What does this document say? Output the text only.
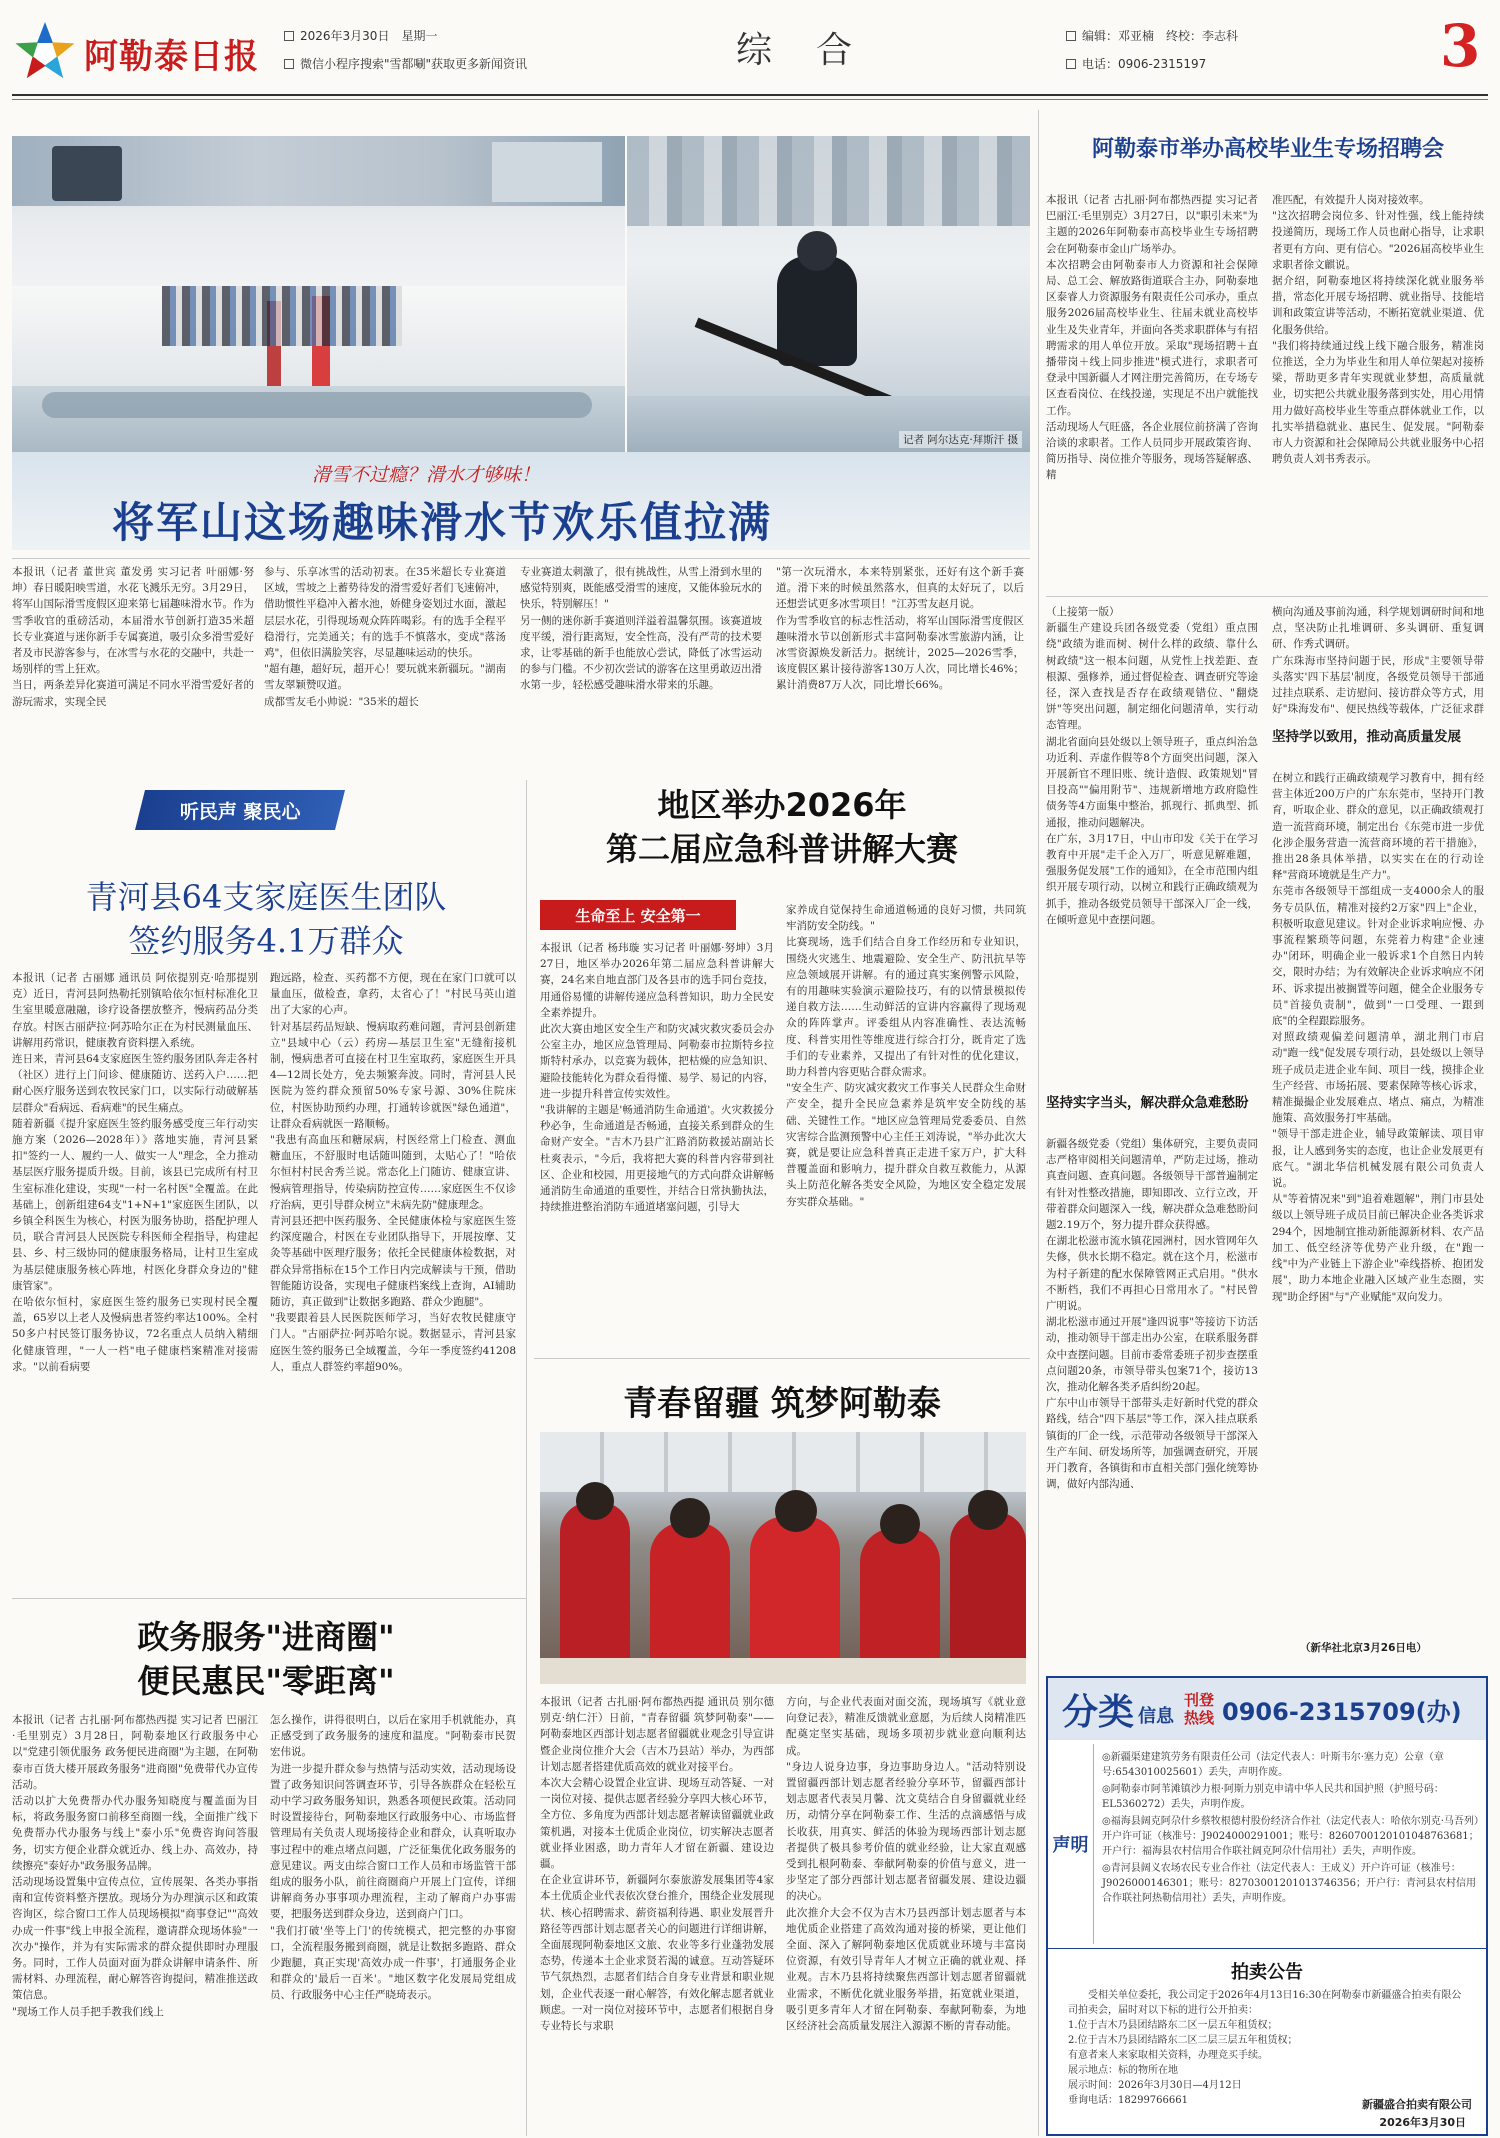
阿勒泰日报
2026年3月30日　星期一
微信小程序搜索"雪都唰"获取更多新闻资讯	综　合	编辑：邓亚楠　终校：李志科
电话：0906-2315197	3
记者 阿尔达克·拜斯汗 摄
滑雪不过瘾？滑水才够味！
将军山这场趣味滑水节欢乐值拉满
本报讯（记者 董世宾 董发勇 实习记者 叶丽娜·努坤）春日暖阳映雪道，水花飞溅乐无穷。3月29日，将军山国际滑雪度假区迎来第七届趣味滑水节。作为雪季收官的重磅活动，本届滑水节创新打造35米超长专业赛道与迷你新手专属赛道，吸引众多滑雪爱好者及市民游客参与，在冰雪与水花的交融中，共赴一场别样的雪上狂欢。
当日，两条差异化赛道可满足不同水平滑雪爱好者的游玩需求，实现全民
参与、乐享冰雪的活动初衷。在35米超长专业赛道区域，雪坡之上蓄势待发的滑雪爱好者们飞速俯冲，借助惯性平稳冲入蓄水池，娇健身姿划过水面，激起层层水花，引得现场观众阵阵喝彩。有的选手全程平稳滑行，完美通关；有的选手不慎落水，变成"落汤鸡"，但依旧满脸笑容，尽显趣味运动的快乐。
"超有趣，超好玩，超开心！要玩就来新疆玩。"湖南雪友翠颖赞叹道。
成都雪友毛小帅说："35米的超长
专业赛道太刺激了，很有挑战性，从雪上滑到水里的感觉特别爽，既能感受滑雪的速度，又能体验玩水的快乐，特别解压！"
另一侧的迷你新手赛道则洋溢着温馨氛围。该赛道坡度平缓，滑行距离短，安全性高，没有严苛的技术要求，让零基础的新手也能放心尝试，降低了冰雪运动的参与门槛。不少初次尝试的游客在这里勇敢迈出滑水第一步，轻松感受趣味滑水带来的乐趣。
"第一次玩滑水，本来特别紧张，还好有这个新手赛道。滑下来的时候虽然落水，但真的太好玩了，以后还想尝试更多冰雪项目！"江苏雪友赵月说。
作为雪季收官的标志性活动，将军山国际滑雪度假区趣味滑水节以创新形式丰富阿勒泰冰雪旅游内涵，让冰雪资源焕发新活力。据统计，2025—2026雪季，该度假区累计接待游客130万人次，同比增长46%；累计消费87万人次，同比增长66%。
阿勒泰市举办高校毕业生专场招聘会
本报讯（记者 古扎丽·阿布都热西提 实习记者 巴丽江·毛里别克）3月27日，以"职引未来"为主题的2026年阿勒泰市高校毕业生专场招聘会在阿勒泰市金山广场举办。
本次招聘会由阿勒泰市人力资源和社会保障局、总工会、解放路街道联合主办，阿勒泰地区泰睿人力资源服务有限责任公司承办，重点服务2026届高校毕业生、往届未就业高校毕业生及失业青年，并面向各类求职群体与有招聘需求的用人单位开放。采取"现场招聘＋直播带岗＋线上同步推进"模式进行，求职者可登录中国新疆人才网注册完善简历，在专场专区查看岗位、在线投递，实现足不出户就能找工作。
活动现场人气旺盛，各企业展位前挤满了咨询洽谈的求职者。工作人员同步开展政策咨询、简历指导、岗位推介等服务，现场答疑解惑、精
准匹配，有效提升人岗对接效率。
"这次招聘会岗位多、针对性强，线上能持续投递简历，现场工作人员也耐心指导，让求职者更有方向、更有信心。"2026届高校毕业生求职者徐文麒说。
据介绍，阿勒泰地区将持续深化就业服务举措，常态化开展专场招聘、就业指导、技能培训和政策宣讲等活动，不断拓宽就业渠道、优化服务供给。
"我们将持续通过线上线下融合服务，精准岗位推送，全力为毕业生和用人单位架起对接桥梁，帮助更多青年实现就业梦想，高质量就业，切实把公共就业服务落到实处，用心用情用力做好高校毕业生等重点群体就业工作，以扎实举措稳就业、惠民生、促发展。"阿勒泰市人力资源和社会保障局公共就业服务中心招聘负责人刘书秀表示。
（上接第一版）
新疆生产建设兵团各级党委（党组）重点围绕"政绩为谁而树、树什么样的政绩、靠什么树政绩"这一根本问题，从党性上找差距、查根源、强修养，通过督促检查、调查研究等途径，深入查找是否存在政绩观错位、"翻烧饼"等突出问题，制定细化问题清单，实行动态管理。
湖北省面向县处级以上领导班子，重点纠治急功近利、弄虚作假等8个方面突出问题，深入开展新官不理旧账、统计造假、政策规划"冒目投高""偏用附节"、违规新增地方政府隐性债务等4方面集中整治，抓现行、抓典型、抓通报，推动问题解决。
在广东，3月17日，中山市印发《关于在学习教育中开展"走千企入万厂，听意见解难题，强服务促发展"工作的通知》，在全市范围内组织开展专项行动，以树立和践行正确政绩观为抓手，推动各级党员领导干部深入厂企一线，在倾听意见中查摆问题。
横向沟通及事前沟通，科学规划调研时间和地点，坚决防止扎堆调研、多头调研、重复调研、作秀式调研。
广东珠海市坚持问题于民，形成"主要领导带头落实'四下基层'制度，各级党员领导干部通过挂点联系、走访慰问、接访群众等方式，用好"珠海发布"、便民热线等载体，广泛征求群
坚持学以致用，推动高质量发展
在树立和践行正确政绩观学习教育中，拥有经营主体近200万户的广东东莞市，坚持开门教育，听取企业、群众的意见，以正确政绩观打造一流营商环境，制定出台《东莞市进一步优化涉企服务营造一流营商环境的若干措施》，推出28条具体举措，以实实在在的行动诠释"营商环境就是生产力"。
东莞市各级领导干部组成一支4000余人的服务专员队伍，精准对接约2万家"四上"企业，积极听取意见建议。针对企业诉求响应慢、办事流程繁琐等问题，东莞着力构建"企业速办"闭环，明确企业一般诉求1个自然日内转交，限时办结；为有效解决企业诉求响应不闭环、诉求提出被搁置等问题，健全企业服务专员"首接负责制"，做到"一口受理、一跟到底"的全程跟踪服务。
对照政绩观偏差问题清单，湖北荆门市启动"跑一线"促发展专项行动，县处级以上领导班子成员走进企业车间、项目一线，摸排企业生产经营、市场拓展、要素保障等核心诉求，精准撮撮企业发展难点、堵点、痛点，为精准施策、高效服务打牢基础。
"领导干部走进企业，辅导政策解读、项目审报，让人感到务实的态度，也让企业发展更有底气。"湖北华信机械发展有限公司负责人说。
从"等着情况来"到"追着难题解"，荆门市县处级以上领导班子成员目前已解决企业各类诉求294个，因地制宜推动新能源新材料、农产品加工、低空经济等优势产业升级，在"跑一线"中为产业链上下游企业"牵线搭桥、抱团发展"，助力本地企业融入区域产业生态圈，实现"助企纾困"与"产业赋能"双向发力。
坚持实字当头，解决群众急难愁盼
新疆各级党委（党组）集体研究，主要负责同志严格审阅相关问题清单，严防走过场，推动真查问题、查真问题。各级领导干部普遍制定有针对性整改措施，即知即改、立行立改，开带着群众问题深入一线，解决群众急难愁盼问题2.19万个，努力提升群众获得感。
在湖北松滋市流水镇花园洲村，因水管网年久失修，供水长期不稳定。就在这个月，松滋市为村子新建的配水保障管网正式启用。"供水不断档，我们不再担心日常用水了。"村民曾广明说。
湖北松滋市通过开展"逢四说事"等接访下访活动，推动领导干部走出办公室，在联系服务群众中查摆问题。目前市委常委班子初步查摆重点问题20条，市领导带头包案71个，接访13次，推动化解各类矛盾纠纷20起。
广东中山市领导干部带头走好新时代党的群众路线，结合"四下基层"等工作，深入挂点联系镇街的厂企一线，示范带动各级领导干部深入生产车间、研发场所等，加强调查研究，开展开门教育，各镇街和市直相关部门强化统筹协调，做好内部沟通、
（新华社北京3月26日电）
听民声 聚民心
青河县64支家庭医生团队
签约服务4.1万群众
本报讯（记者 古丽娜 通讯员 阿依提别克·哈那提别克）近日，青河县阿热勒托别镇哈依尔恒村标准化卫生室里暖意融融，诊疗设备摆放整齐，慢病药品分类存放。村医古丽萨拉·阿苏哈尔正在为村民测量血压、讲解用药常识，健康教育资料摆入系统。
连日来，青河县64支家庭医生签约服务团队奔走各村（社区）进行上门问诊、健康随访、送药入户……把耐心医疗服务送到农牧民家门口，以实际行动破解基层群众"看病远、看病难"的民生痛点。
随着新疆《提升家庭医生签约服务感受度三年行动实施方案（2026—2028年）》落地实施，青河县紧扣"签约一人、履约一人、做实一人"理念，全力推动基层医疗服务提质升级。目前，该县已完成所有村卫生室标准化建设，实现"一村一名村医"全覆盖。在此基础上，创新组建64支"1+N+1"家庭医生团队，以乡镇全科医生为核心，村医为服务协助，搭配护理人员，联合青河县人民医院专科医师全程指导，构建起县、乡、村三级协同的健康服务格局，让村卫生室成为基层健康服务核心阵地，村医化身群众身边的"健康管家"。
在哈依尔恒村，家庭医生签约服务已实现村民全覆盖，65岁以上老人及慢病患者签约率达100%。全村50多户村民签订服务协议，72名重点人员纳入精细化健康管理，"一人一档"电子健康档案精准对接需求。"以前看病要
跑远路，检查、买药都不方便，现在在家门口就可以量血压，做检查，拿药，太省心了！"村民马英山道出了大家的心声。
针对基层药品短缺、慢病取药难问题，青河县创新建立"县域中心（云）药房—基层卫生室"无缝衔接机制，慢病患者可直接在村卫生室取药，家庭医生开具4—12周长处方，免去频繁奔波。同时，青河县人民医院为签约群众预留50%专家号源、30%住院床位，村医协助预约办理，打通转诊就医"绿色通道"，让群众看病就医一路顺畅。
"我患有高血压和糖尿病，村医经常上门检查、测血糖血压，不舒服时电话随叫随到，太贴心了！"哈依尔恒村村民舍秀兰说。常态化上门随访、健康宣讲、慢病管理指导，传染病防控宣传……家庭医生不仅诊疗治病，更引导群众树立"未病先防"健康理念。
青河县还把中医药服务、全民健康体检与家庭医生签约深度融合，村医在专业团队指导下，开展按摩、艾灸等基础中医理疗服务；依托全民健康体检数据，对群众异常指标在15个工作日内完成解读与干预，借助智能随访设备，实现电子健康档案线上查询，AI辅助随访，真正做到"让数据多跑路、群众少跑腿"。
"我要跟着县人民医院医师学习，当好农牧民健康守门人。"古丽萨拉·阿苏哈尔说。数据显示，青河县家庭医生签约服务已全域覆盖，今年一季度签约41208人，重点人群签约率超90%。
地区举办2026年
第二届应急科普讲解大赛
生命至上 安全第一
本报讯（记者 杨玮璇 实习记者 叶丽娜·努坤）3月27日，地区举办2026年第二届应急科普讲解大赛，24名来自地直部门及各县市的选手同台竞技，用通俗易懂的讲解传递应急科普知识，助力全民安全素养提升。
此次大赛由地区安全生产和防灾减灾救灾委员会办公室主办，地区应急管理局、阿勒泰市拉斯特乡拉斯特村承办，以竞赛为载体，把枯燥的应急知识、避险技能转化为群众看得懂、易学、易记的内容，进一步提升科普宣传实效性。
"我讲解的主题是'畅通消防生命通道'。火灾救援分秒必争，生命通道是否畅通，直接关系到群众的生命财产安全。"吉木乃县广汇路消防救援站副站长杜爽表示，"今后，我将把大赛的科普内容带到社区、企业和校园，用更接地气的方式向群众讲解畅通消防生命通道的重要性，并结合日常执勤执法，持续推进整治消防车通道堵塞问题，引导大
家养成自觉保持生命通道畅通的良好习惯，共同筑牢消防安全防线。"
比赛现场，选手们结合自身工作经历和专业知识，围绕火灾逃生、地震避险、安全生产、防汛抗旱等应急领域展开讲解。有的通过真实案例警示风险，有的用趣味实验演示避险技巧，有的以情景模拟传递自救方法……生动鲜活的宣讲内容赢得了现场观众的阵阵掌声。评委组从内容准确性、表达流畅度、科普实用性等维度进行综合打分，既肯定了选手们的专业素养，又提出了有针对性的优化建议，助力科普内容更贴合群众需求。
"安全生产、防灾减灾救灾工作事关人民群众生命财产安全，提升全民应急素养是筑牢安全防线的基础、关键性工作。"地区应急管理局党委委员、自然灾害综合监测预警中心主任王刘涛说，"举办此次大赛，就是要让应急科普真正走进千家万户，扩大科普覆盖面和影响力，提升群众自救互救能力，从源头上防范化解各类安全风险，为地区安全稳定发展夯实群众基础。"
青春留疆 筑梦阿勒泰
本报讯（记者 古扎丽·阿布都热西提 通讯员 别尔德别克·纳仁汗）日前，"青春留疆 筑梦阿勒泰"——阿勒泰地区西部计划志愿者留疆就业观念引导宣讲暨企业岗位推介大会（吉木乃县站）举办，为西部计划志愿者搭建优质高效的就业对接平台。
本次大会精心设置企业宣讲、现场互动答疑、一对一岗位对接、提供志愿者经验分享四大核心环节，全方位、多角度为西部计划志愿者解读留疆就业政策机遇，对接本土优质企业岗位，切实解决志愿者就业择业困惑，助力青年人才留在新疆、建设边疆。
在企业宣讲环节，新疆阿尔泰旅游发展集团等4家本土优质企业代表依次登台推介，围绕企业发展现状、核心招聘需求、薪资福利待遇、职业发展晋升路径等西部计划志愿者关心的问题进行详细讲解，全面展现阿勒泰地区文旅、农业等多行业蓬勃发展态势，传递本土企业求贤若渴的诚意。互动答疑环节气氛热烈，志愿者们结合自身专业背景和职业规划，企业代表逐一耐心解答，有效化解志愿者就业顾虑。一对一岗位对接环节中，志愿者们根据自身专业特长与求职
方向，与企业代表面对面交流，现场填写《就业意向登记表》，精准反馈就业意愿，为后续人岗精准匹配奠定坚实基础，现场多项初步就业意向顺利达成。
"身边人说身边事，身边事助身边人。"活动特别设置留疆西部计划志愿者经验分享环节，留疆西部计划志愿者代表吴月馨、沈文莫结合自身留疆就业经历，动情分享在阿勒泰工作、生活的点滴感悟与成长收获，用真实、鲜活的体验为现场西部计划志愿者提供了极具参考价值的就业经验，让大家直观感受到扎根阿勒泰、奉献阿勒泰的价值与意义，进一步坚定了部分西部计划志愿者留疆发展、建设边疆的决心。
此次推介大会不仅为吉木乃县西部计划志愿者与本地优质企业搭建了高效沟通对接的桥梁，更让他们全面、深入了解阿勒泰地区优质就业环境与丰富岗位资源，有效引导青年人才树立正确的就业观、择业观。吉木乃县将持续聚焦西部计划志愿者留疆就业需求，不断优化就业服务举措，拓宽就业渠道，吸引更多青年人才留在阿勒泰、奉献阿勒泰，为地区经济社会高质量发展注入源源不断的青春动能。
政务服务"进商圈"
便民惠民"零距离"
本报讯（记者 古扎丽·阿布都热西提 实习记者 巴丽江·毛里别克）3月28日，阿勒泰地区行政服务中心以"党建引领优服务 政务便民进商圈"为主题，在阿勒泰市百货大楼开展政务服务"进商圈"免费带代办宣传活动。
活动以扩大免费帮办代办服务知晓度与覆盖面为目标，将政务服务窗口前移至商圈一线，全面推广线下免费帮办代办服务与线上"泰小乐"免费咨询问答服务，切实方便企业群众就近办、线上办、高效办，持续擦亮"泰好办"政务服务品牌。
活动现场设置集中宣传点位，宣传展架、各类办事指南和宣传资料整齐摆放。现场分为办理演示区和政策咨询区，综合窗口工作人员现场模拟"商事登记""高效办成一件事"线上申报全流程，邀请群众现场体验"一次办"操作，并为有实际需求的群众提供即时办理服务。同时，工作人员面对面为群众讲解申请条件、所需材料、办理流程，耐心解答咨询提问，精准推送政策信息。
"现场工作人员手把手教我们线上
怎么操作，讲得很明白，以后在家用手机就能办，真正感受到了政务服务的速度和温度。"阿勒泰市民贺宏伟说。
为进一步提升群众参与热情与活动实效，活动现场设置了政务知识问答调查环节，引导各族群众在轻松互动中学习政务服务知识，熟悉各项便民政策。活动同时设置接待台，阿勒泰地区行政服务中心、市场监督管理局有关负责人现场接待企业和群众，认真听取办事过程中的难点堵点问题，广泛征集优化政务服务的意见建议。两支由综合窗口工作人员和市场监管干部组成的服务小队，前往商圈商户开展上门宣传，详细讲解商务办事事项办理流程，主动了解商户办事需要，把服务送到群众身边，送到商户门口。
"我们打破'坐等上门'的传统模式，把完整的办事窗口，全流程服务搬到商圈，就是让数据多跑路、群众少跑腿，真正实现'高效办成一件事'，打通服务企业和群众的'最后一百米'。"地区数字化发展局党组成员、行政服务中心主任严晓琦表示。
分类 信息
刊登
热线 0906-2315709(办)
声明
◎新疆渠建建筑劳务有限责任公司（法定代表人：叶斯韦尔·塞力克）公章（章号:6543010025601）丢失，声明作废。
◎阿勒泰市阿苇滩镇沙力根·阿斯力别克申请中华人民共和国护照（护照号码：EL5360272）丢失，声明作废。
◎福海县阔克阿尕什乡蔡牧根德村股份经济合作社（法定代表人：哈依尔别克·马吾列）开户许可证（核准号：J9024000291001；账号：8260700120101048763681；开户行：福海县农村信用合作联社阔克阿尕什信用社）丢失，声明作废。
◎青河县阔义农场农民专业合作社（法定代表人：王成义）开户许可证（核准号：J9026000146301；账号：82703001201013746356；开户行：青河县农村信用合作联社阿热勒信用社）丢失，声明作废。
拍卖公告
受相关单位委托，我公司定于2026年4月13日16:30在阿勒泰市新疆盛合拍卖有限公司拍卖会，届时对以下标的进行公开拍卖：
1.位于吉木乃县团结路东二区一层五年租赁权；
2.位于吉木乃县团结路东二区二层三层五年租赁权；
有意者来人来家取相关资料，办理竞买手续。
展示地点：标的物所在地
展示时间：2026年3月30日—4月12日
垂询电话：18299766661	新疆盛合拍卖有限公司
2026年3月30日
